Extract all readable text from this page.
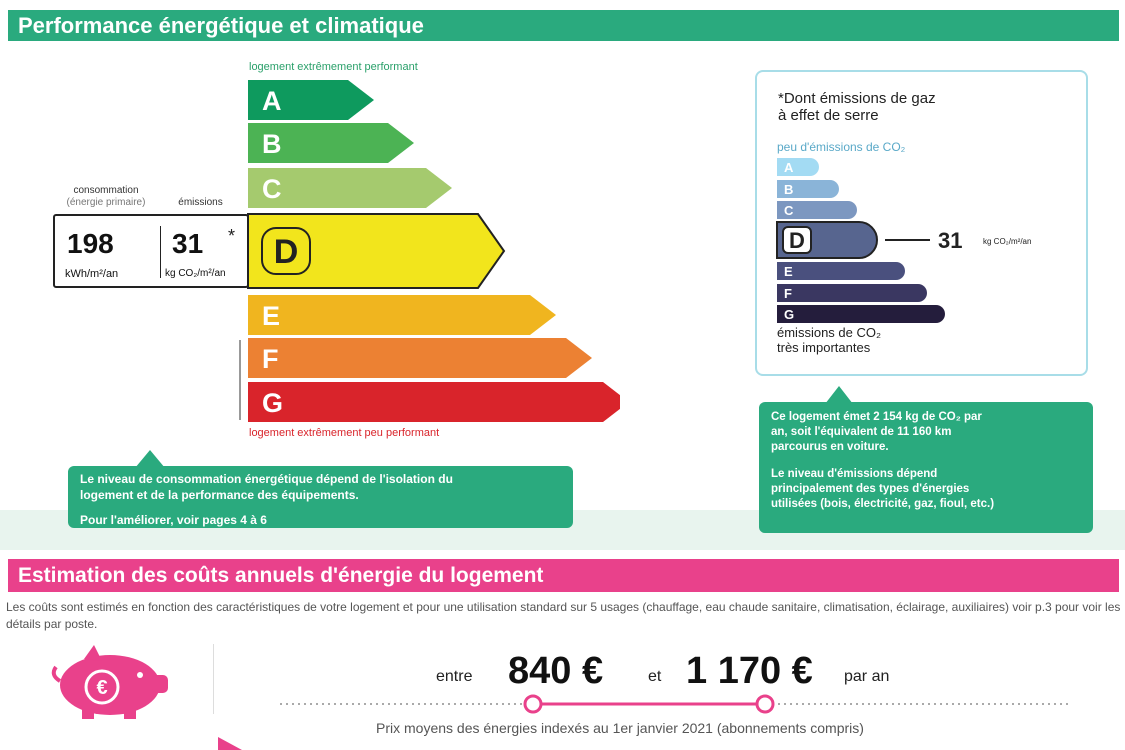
Performance énergétique et climatique
logement extrêmement performant
A
B
C
D
E
F
G
logement extrêmement peu performant
consommation
(énergie primaire)	émissions
198
kWh/m²/an
31 *
kg CO₂/m²/an
Le niveau de consommation énergétique dépend de l'isolation du
logement et de la performance des équipements.
Pour l'améliorer, voir pages 4 à 6
*Dont émissions de gaz
à effet de serre
peu d'émissions de CO₂
A
B
C
D
E
F
G
31	kg CO₂/m²/an
émissions de CO₂
très importantes
Ce logement émet 2 154 kg de CO₂ par
an, soit l'équivalent de 11 160 km
parcourus en voiture.
Le niveau d'émissions dépend
principalement des types d'énergies
utilisées (bois, électricité, gaz, fioul, etc.)
Estimation des coûts annuels d'énergie du logement
Les coûts sont estimés en fonction des caractéristiques de votre logement et pour une utilisation standard sur 5 usages (chauffage, eau chaude sanitaire, climatisation, éclairage, auxiliaires) voir p.3 pour voir les détails par poste.
€
entre 840 €	et 1 170 € par an
Prix moyens des énergies indexés au 1er janvier 2021 (abonnements compris)
